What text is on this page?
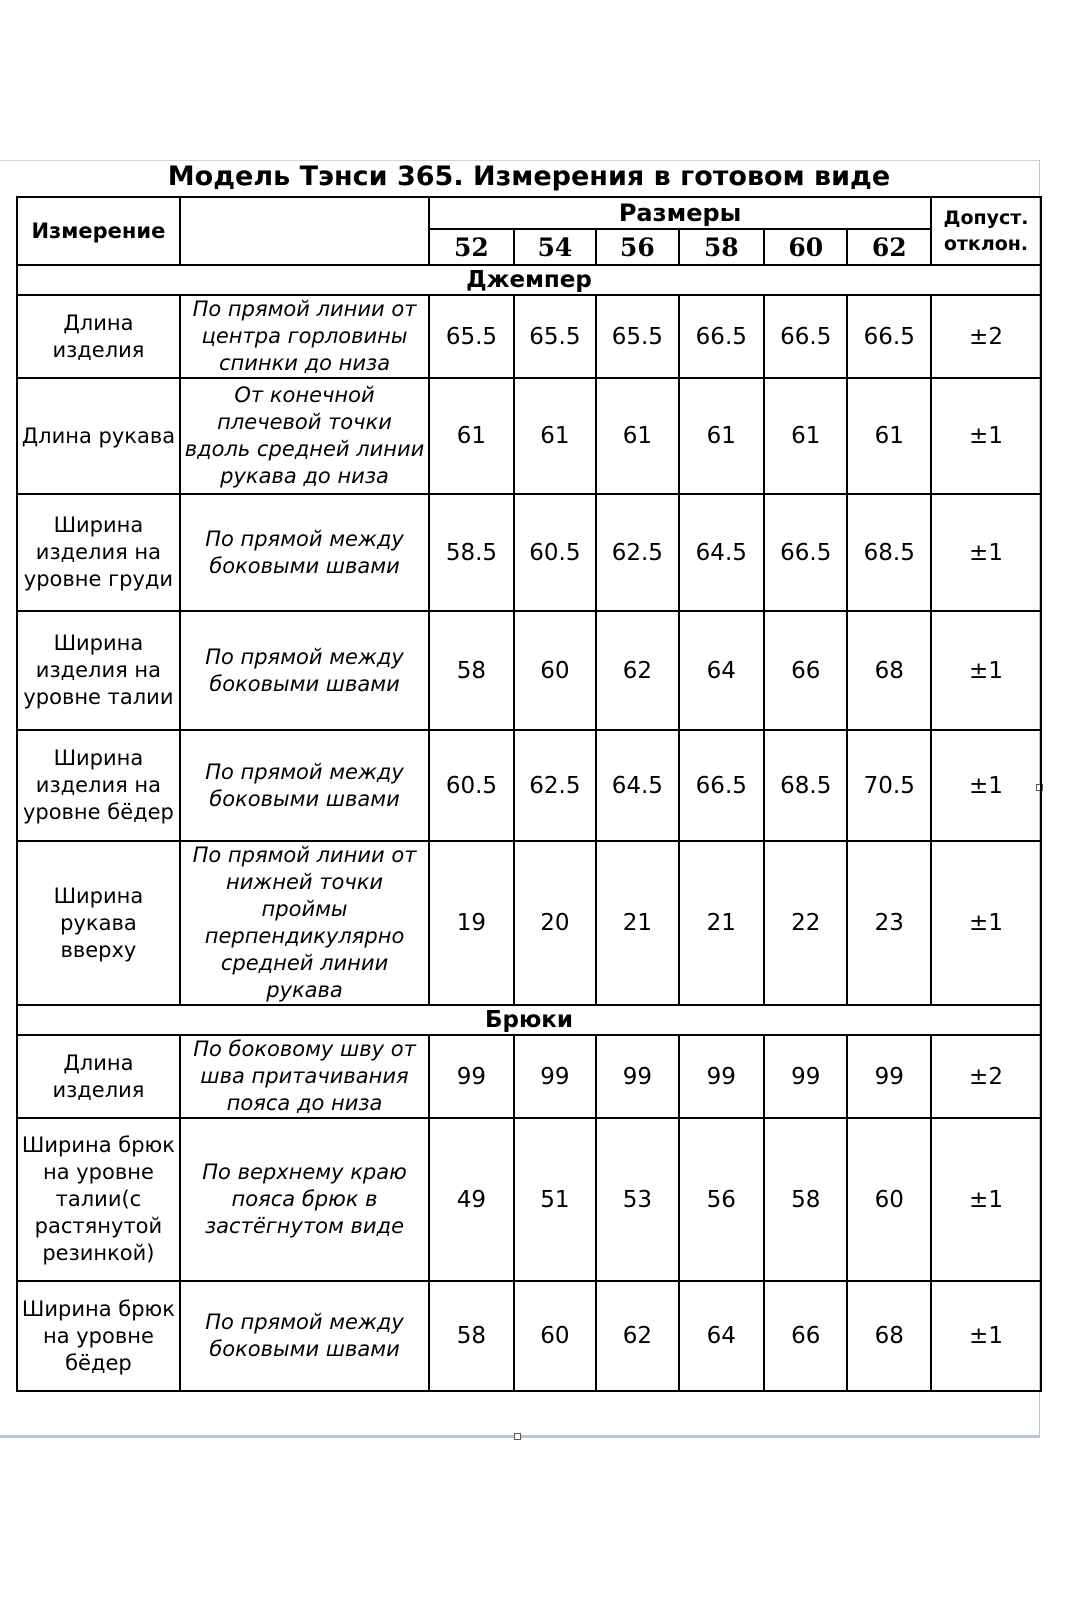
Модель Тэнси 365. Измерения в готовом виде
Измерение		Размеры						Допуст.
отклон.

		52	54	56	58	60	62	
Джемпер								
Длина изделия	По прямой линии от центра горловины спинки до низа	65.5	65.5	65.5	66.5	66.5	66.5	±2
Длина рукава	От конечной плечевой точки вдоль средней линии рукава до низа	61	61	61	61	61	61	±1
Ширина изделия на уровне груди	По прямой между боковыми швами	58.5	60.5	62.5	64.5	66.5	68.5	±1
Ширина изделия на уровне талии	По прямой между боковыми швами	58	60	62	64	66	68	±1
Ширина изделия на уровне бёдер	По прямой между боковыми швами	60.5	62.5	64.5	66.5	68.5	70.5	±1
Ширина рукава вверху	По прямой линии от нижней точки проймы перпендикулярно средней линии рукава	19	20	21	21	22	23	±1
Брюки								
Длина изделия	По боковому шву от шва притачивания пояса до низа	99	99	99	99	99	99	±2
Ширина брюк на уровне талии(с растянутой резинкой)	По верхнему краю пояса брюк в застёгнутом виде	49	51	53	56	58	60	±1
Ширина брюк на уровне бёдер	По прямой между боковыми швами	58	60	62	64	66	68	±1
